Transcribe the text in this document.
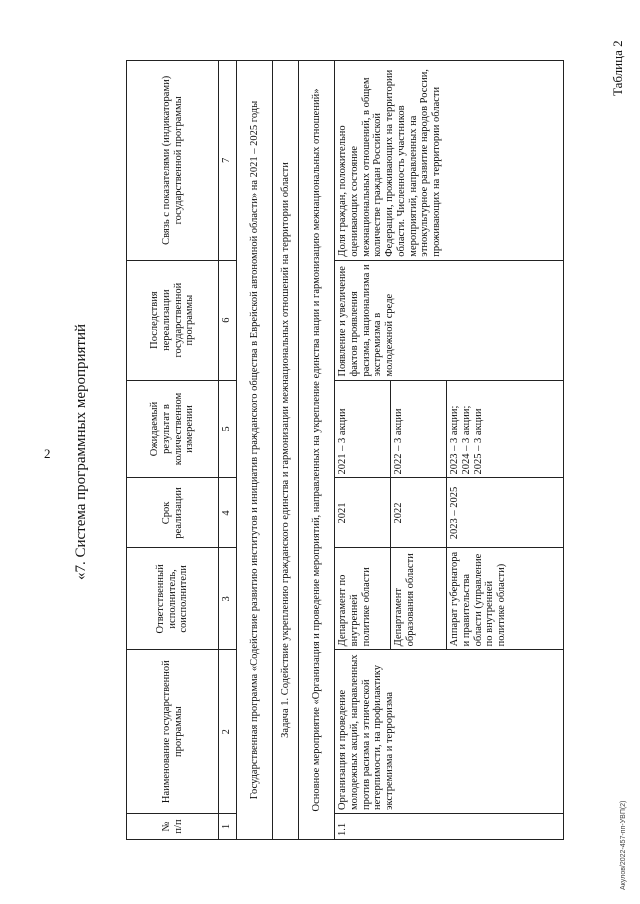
2 «7. Система программных мероприятий
Таблица 2
Акулов/2022-457-пп-УВП(2)
№ п/п	Наименование государственной программы	Ответственный исполнитель, соисполнители	Срок реализации	Ожидаемый результат в количественном измерении	Последствия нереализации государственной программы	Связь с показателями (индикаторами) государственной программы
1	2	3	4	5	6	7
Государственная программа «Содействие развитию институтов и инициатив гражданского общества в Еврейской автономной области» на 2021 – 2025 годы						
Задача 1. Содействие укреплению гражданского единства и гармонизации межнациональных отношений на территории области						
Основное мероприятие «Организация и проведение мероприятий, направленных на укрепление единства нации и гармонизацию межнациональных отношений»						
1.1	Организация и проведение молодежных акций, направленных против расизма и этнической нетерпимости, на профилактику экстремизма и терроризма	Департамент по внутренней политике области	2021	2021 – 3 акции	Появление и увеличение фактов проявления расизма, национализма и экстремизма в молодежной среде	Доля граждан, положительно оценивающих состояние межнациональных отношений, в общем количестве граждан Российской Федерации, проживающих на территории области. Численность участников мероприятий, направленных на этнокультурное развитие народов России, проживающих на территории области
		Департамент образования области	2022	2022 – 3 акции		
		Аппарат губернатора и правительства области (управление по внутренней политике области)	2023 – 2025	2023 – 3 акции; 2024 – 3 акции; 2025 – 3 акции		
